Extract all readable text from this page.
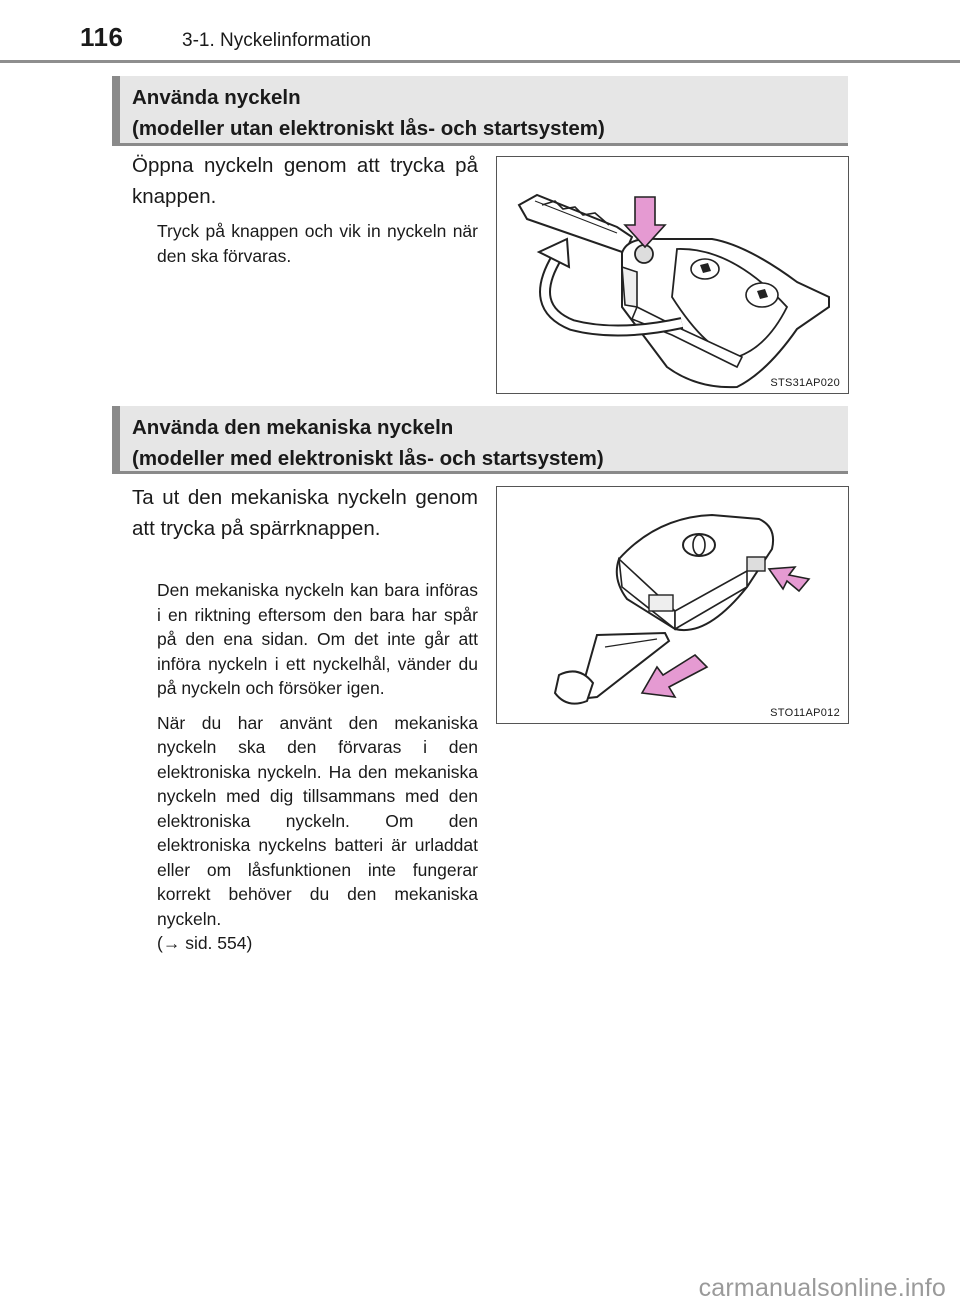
116	3-1. Nyckelinformation
Använda nyckeln
(modeller utan elektroniskt lås- och startsystem)
Öppna nyckeln genom att trycka på knappen.
Tryck på knappen och vik in nyckeln när den ska förvaras.
STS31AP020
Använda den mekaniska nyckeln
(modeller med elektroniskt lås- och startsystem)
Ta ut den mekaniska nyckeln genom att trycka på spärrknappen.

Den mekaniska nyckeln kan bara införas i en riktning eftersom den bara har spår på den ena sidan. Om det inte går att införa nyckeln i ett nyckelhål, vänder du på nyckeln och försöker igen.

När du har använt den mekaniska nyckeln ska den förvaras i den elektroniska nyckeln. Ha den mekaniska nyckeln med dig tillsammans med den elektroniska nyckeln. Om den elektroniska nyckelns batteri är urladdat eller om låsfunktionen inte fungerar korrekt behöver du den mekaniska nyckeln.

(→ sid. 554)

STO11AP012
carmanualsonline.info
